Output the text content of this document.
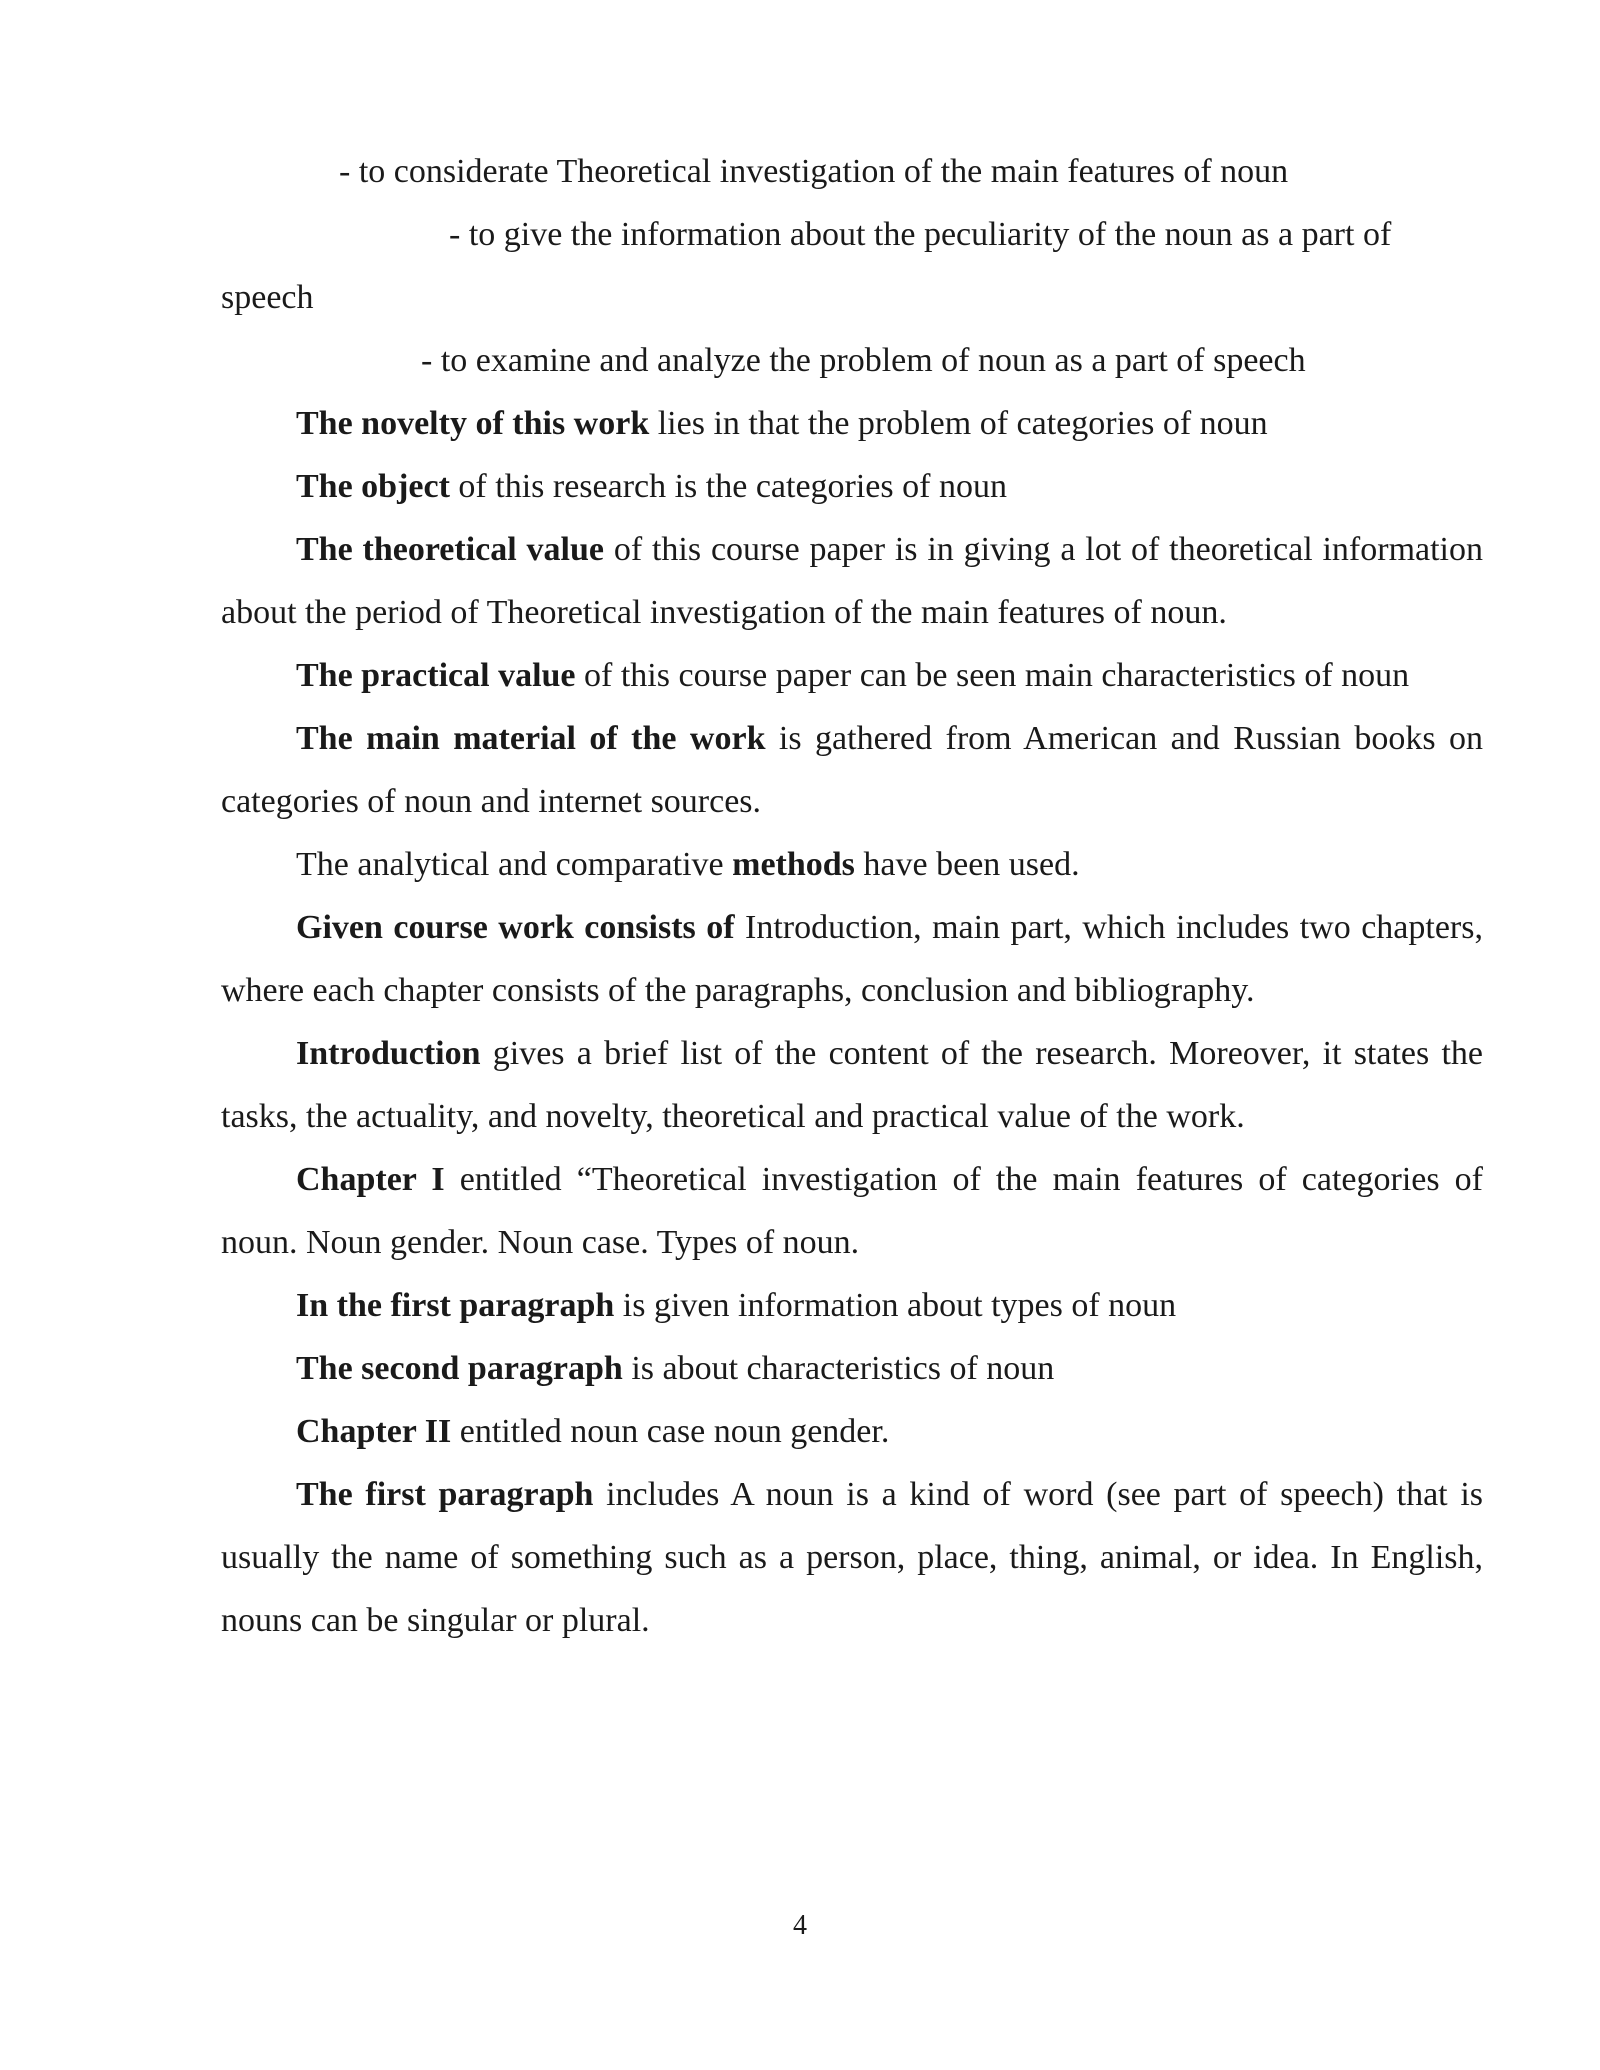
- to considerate Theoretical investigation of the main features of noun

- to give the information about the peculiarity of the noun as a part of

speech

- to examine and analyze the problem of noun as a part of speech

The novelty of this work lies in that the problem of categories of noun

The object of this research is the categories of noun

The theoretical value of this course paper is in giving a lot of theoretical information about the period of Theoretical investigation of the main features of noun.

The practical value of this course paper can be seen main characteristics of noun

The main material of the work is gathered from American and Russian books on categories of noun and internet sources.

The analytical and comparative methods have been used.

Given course work consists of Introduction, main part, which includes two chapters, where each chapter consists of the paragraphs, conclusion and bibliography.

Introduction gives a brief list of the content of the research. Moreover, it states the tasks, the actuality, and novelty, theoretical and practical value of the work.

Chapter I entitled “Theoretical investigation of the main features of categories of noun. Noun gender. Noun case. Types of noun.

In the first paragraph is given information about types of noun

The second paragraph is about characteristics of noun

Chapter II entitled noun case noun gender.

The first paragraph includes A noun is a kind of word (see part of speech) that is usually the name of something such as a person, place, thing, animal, or idea. In English, nouns can be singular or plural.

4
